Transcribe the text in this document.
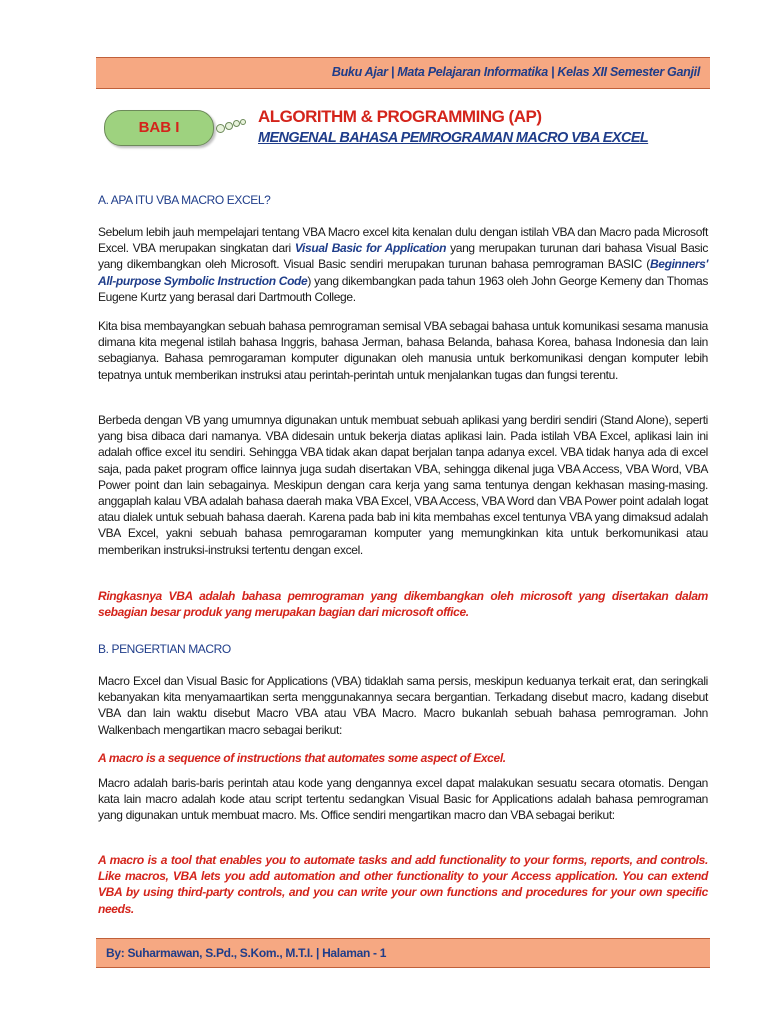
Buku Ajar | Mata Pelajaran Informatika | Kelas XII Semester Ganjil
BAB I
ALGORITHM & PROGRAMMING (AP)
MENGENAL BAHASA PEMROGRAMAN MACRO VBA EXCEL
A. APA ITU VBA MACRO EXCEL?

Sebelum lebih jauh mempelajari tentang VBA Macro excel kita kenalan dulu dengan istilah VBA dan Macro pada Microsoft Excel. VBA merupakan singkatan dari Visual Basic for Application yang merupakan turunan dari bahasa Visual Basic yang dikembangkan oleh Microsoft. Visual Basic sendiri merupakan turunan bahasa pemrograman BASIC (Beginners' All-purpose Symbolic Instruction Code) yang dikembangkan pada tahun 1963 oleh John George Kemeny dan Thomas Eugene Kurtz yang berasal dari Dartmouth College.

Kita bisa membayangkan sebuah bahasa pemrograman semisal VBA sebagai bahasa untuk komunikasi sesama manusia dimana kita megenal istilah bahasa Inggris, bahasa Jerman, bahasa Belanda, bahasa Korea, bahasa Indonesia dan lain sebagianya. Bahasa pemrogaraman komputer digunakan oleh manusia untuk berkomunikasi dengan komputer lebih tepatnya untuk memberikan instruksi atau perintah-perintah untuk menjalankan tugas dan fungsi terentu.

Berbeda dengan VB yang umumnya digunakan untuk membuat sebuah aplikasi yang berdiri sendiri (Stand Alone), seperti yang bisa dibaca dari namanya. VBA didesain untuk bekerja diatas aplikasi lain. Pada istilah VBA Excel, aplikasi lain ini adalah office excel itu sendiri. Sehingga VBA tidak akan dapat berjalan tanpa adanya excel. VBA tidak hanya ada di excel saja, pada paket program office lainnya juga sudah disertakan VBA, sehingga dikenal juga VBA Access, VBA Word, VBA Power point dan lain sebagainya. Meskipun dengan cara kerja yang sama tentunya dengan kekhasan masing-masing. anggaplah kalau VBA adalah bahasa daerah maka VBA Excel, VBA Access, VBA Word dan VBA Power point adalah logat atau dialek untuk sebuah bahasa daerah. Karena pada bab ini kita membahas excel tentunya VBA yang dimaksud adalah VBA Excel, yakni sebuah bahasa pemrogaraman komputer yang memungkinkan kita untuk berkomunikasi atau memberikan instruksi-instruksi tertentu dengan excel.

Ringkasnya VBA adalah bahasa pemrograman yang dikembangkan oleh microsoft yang disertakan dalam sebagian besar produk yang merupakan bagian dari microsoft office.

B. PENGERTIAN MACRO

Macro Excel dan Visual Basic for Applications (VBA) tidaklah sama persis, meskipun keduanya terkait erat, dan seringkali kebanyakan kita menyamaartikan serta menggunakannya secara bergantian. Terkadang disebut macro, kadang disebut VBA dan lain waktu disebut Macro VBA atau VBA Macro. Macro bukanlah sebuah bahasa pemrograman. John Walkenbach mengartikan macro sebagai berikut:

A macro is a sequence of instructions that automates some aspect of Excel.

Macro adalah baris-baris perintah atau kode yang dengannya excel dapat malakukan sesuatu secara otomatis. Dengan kata lain macro adalah kode atau script tertentu sedangkan Visual Basic for Applications adalah bahasa pemrograman yang digunakan untuk membuat macro. Ms. Office sendiri mengartikan macro dan VBA sebagai berikut:

A macro is a tool that enables you to automate tasks and add functionality to your forms, reports, and controls. Like macros, VBA lets you add automation and other functionality to your Access application. You can extend VBA by using third-party controls, and you can write your own functions and procedures for your own specific needs.

By: Suharmawan, S.Pd., S.Kom., M.T.I. | Halaman - 1
